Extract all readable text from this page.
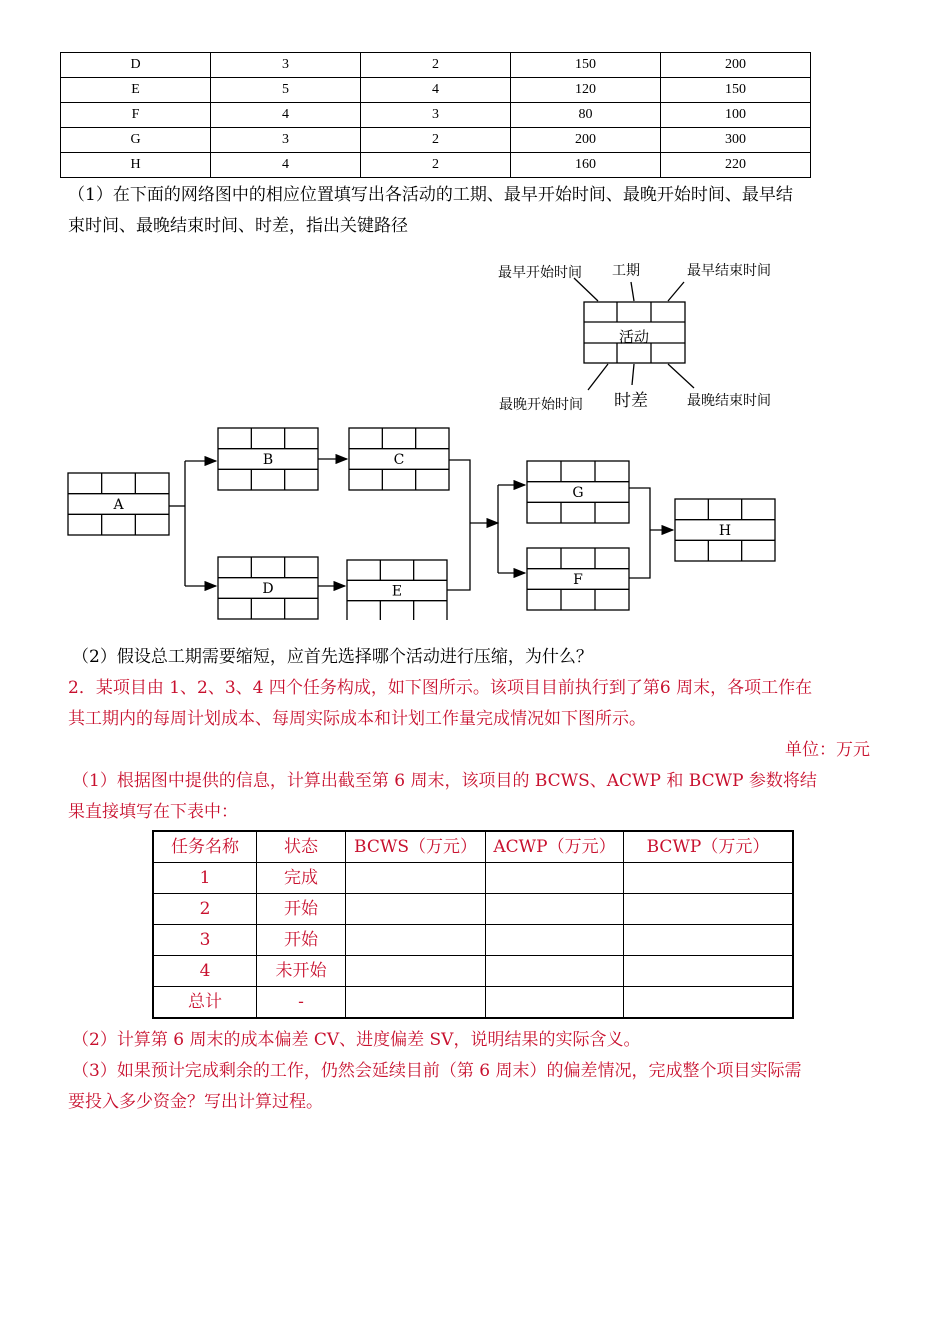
D	3	2	150	200
E	5	4	120	150
F	4	3	80	100
G	3	2	200	300
H	4	2	160	220
（1）在下面的网络图中的相应位置填写出各活动的工期、最早开始时间、最晚开始时间、最早结
束时间、最晚结束时间、时差，指出关键路径
活动
最早开始时间 工期	最早结束时间
最晚开始时间 时差	最晚结束时间
A
B	C
D	E
G
F
H
（2）假设总工期需要缩短，应首先选择哪个活动进行压缩，为什么？
2．某项目由 1、2、3、4 四个任务构成，如下图所示。该项目目前执行到了第6 周末，各项工作在
其工期内的每周计划成本、每周实际成本和计划工作量完成情况如下图所示。
单位：万元
（1）根据图中提供的信息，计算出截至第 6 周末，该项目的 BCWS、ACWP 和 BCWP 参数将结
果直接填写在下表中：
任务名称	状态	BCWS（万元）	ACWP（万元）	BCWP（万元）
1	完成			
2	开始			
3	开始			
4	未开始			
总计	-			
（2）计算第 6 周末的成本偏差 CV、进度偏差 SV，说明结果的实际含义。
（3）如果预计完成剩余的工作，仍然会延续目前（第 6 周末）的偏差情况，完成整个项目实际需
要投入多少资金？写出计算过程。
